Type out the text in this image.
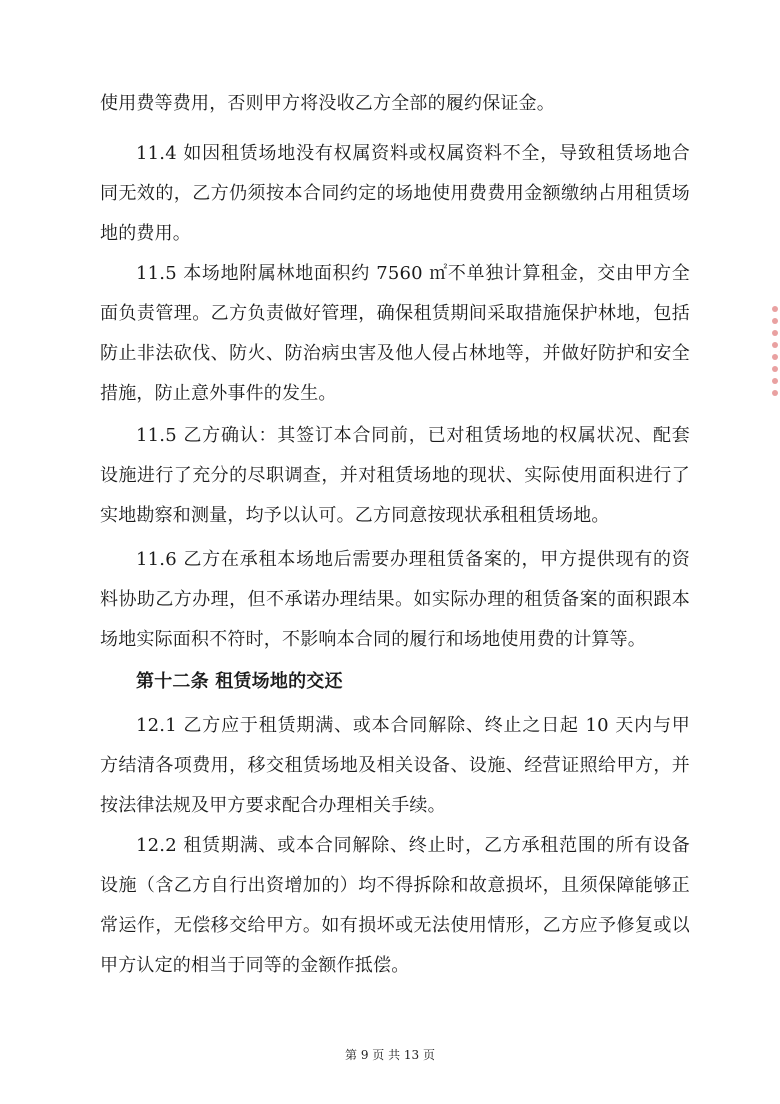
使用费等费用，否则甲方将没收乙方全部的履约保证金。

11.4 如因租赁场地没有权属资料或权属资料不全，导致租赁场地合同无效的，乙方仍须按本合同约定的场地使用费费用金额缴纳占用租赁场地的费用。

11.5 本场地附属林地面积约 7560 ㎡不单独计算租金，交由甲方全面负责管理。乙方负责做好管理，确保租赁期间采取措施保护林地，包括防止非法砍伐、防火、防治病虫害及他人侵占林地等，并做好防护和安全措施，防止意外事件的发生。

11.5 乙方确认：其签订本合同前，已对租赁场地的权属状况、配套设施进行了充分的尽职调查，并对租赁场地的现状、实际使用面积进行了实地勘察和测量，均予以认可。乙方同意按现状承租租赁场地。

11.6 乙方在承租本场地后需要办理租赁备案的，甲方提供现有的资料协助乙方办理，但不承诺办理结果。如实际办理的租赁备案的面积跟本场地实际面积不符时，不影响本合同的履行和场地使用费的计算等。

第十二条 租赁场地的交还

12.1 乙方应于租赁期满、或本合同解除、终止之日起 10 天内与甲方结清各项费用，移交租赁场地及相关设备、设施、经营证照给甲方，并按法律法规及甲方要求配合办理相关手续。

12.2 租赁期满、或本合同解除、终止时，乙方承租范围的所有设备设施（含乙方自行出资增加的）均不得拆除和故意损坏，且须保障能够正常运作，无偿移交给甲方。如有损坏或无法使用情形，乙方应予修复或以甲方认定的相当于同等的金额作抵偿。

第 9 页 共 13 页
